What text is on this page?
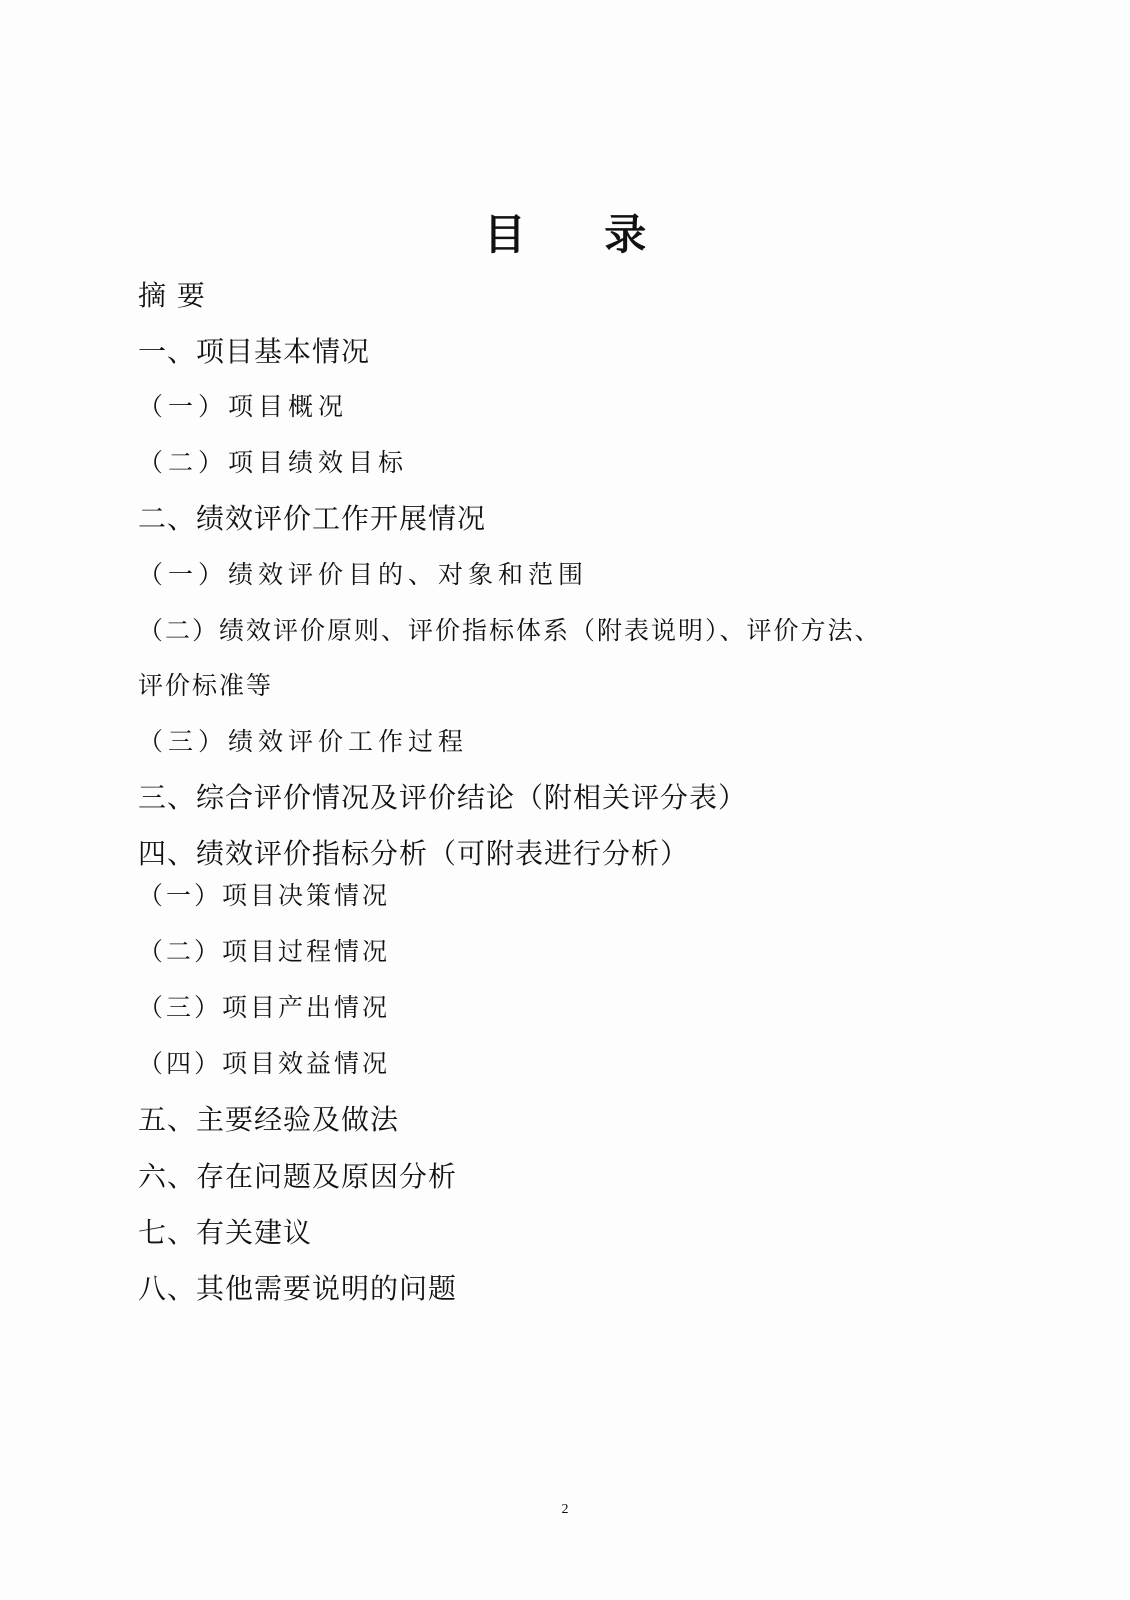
目 录
摘 要
一、项目基本情况
（一）项目概况
（二）项目绩效目标
二、绩效评价工作开展情况
（一）绩效评价目的、对象和范围
（二）绩效评价原则、评价指标体系（附表说明）、评价方法、
评价标准等
（三）绩效评价工作过程
三、综合评价情况及评价结论（附相关评分表）
四、绩效评价指标分析（可附表进行分析）
（一）项目决策情况
（二）项目过程情况
（三）项目产出情况
（四）项目效益情况
五、主要经验及做法
六、存在问题及原因分析
七、有关建议
八、其他需要说明的问题
2
